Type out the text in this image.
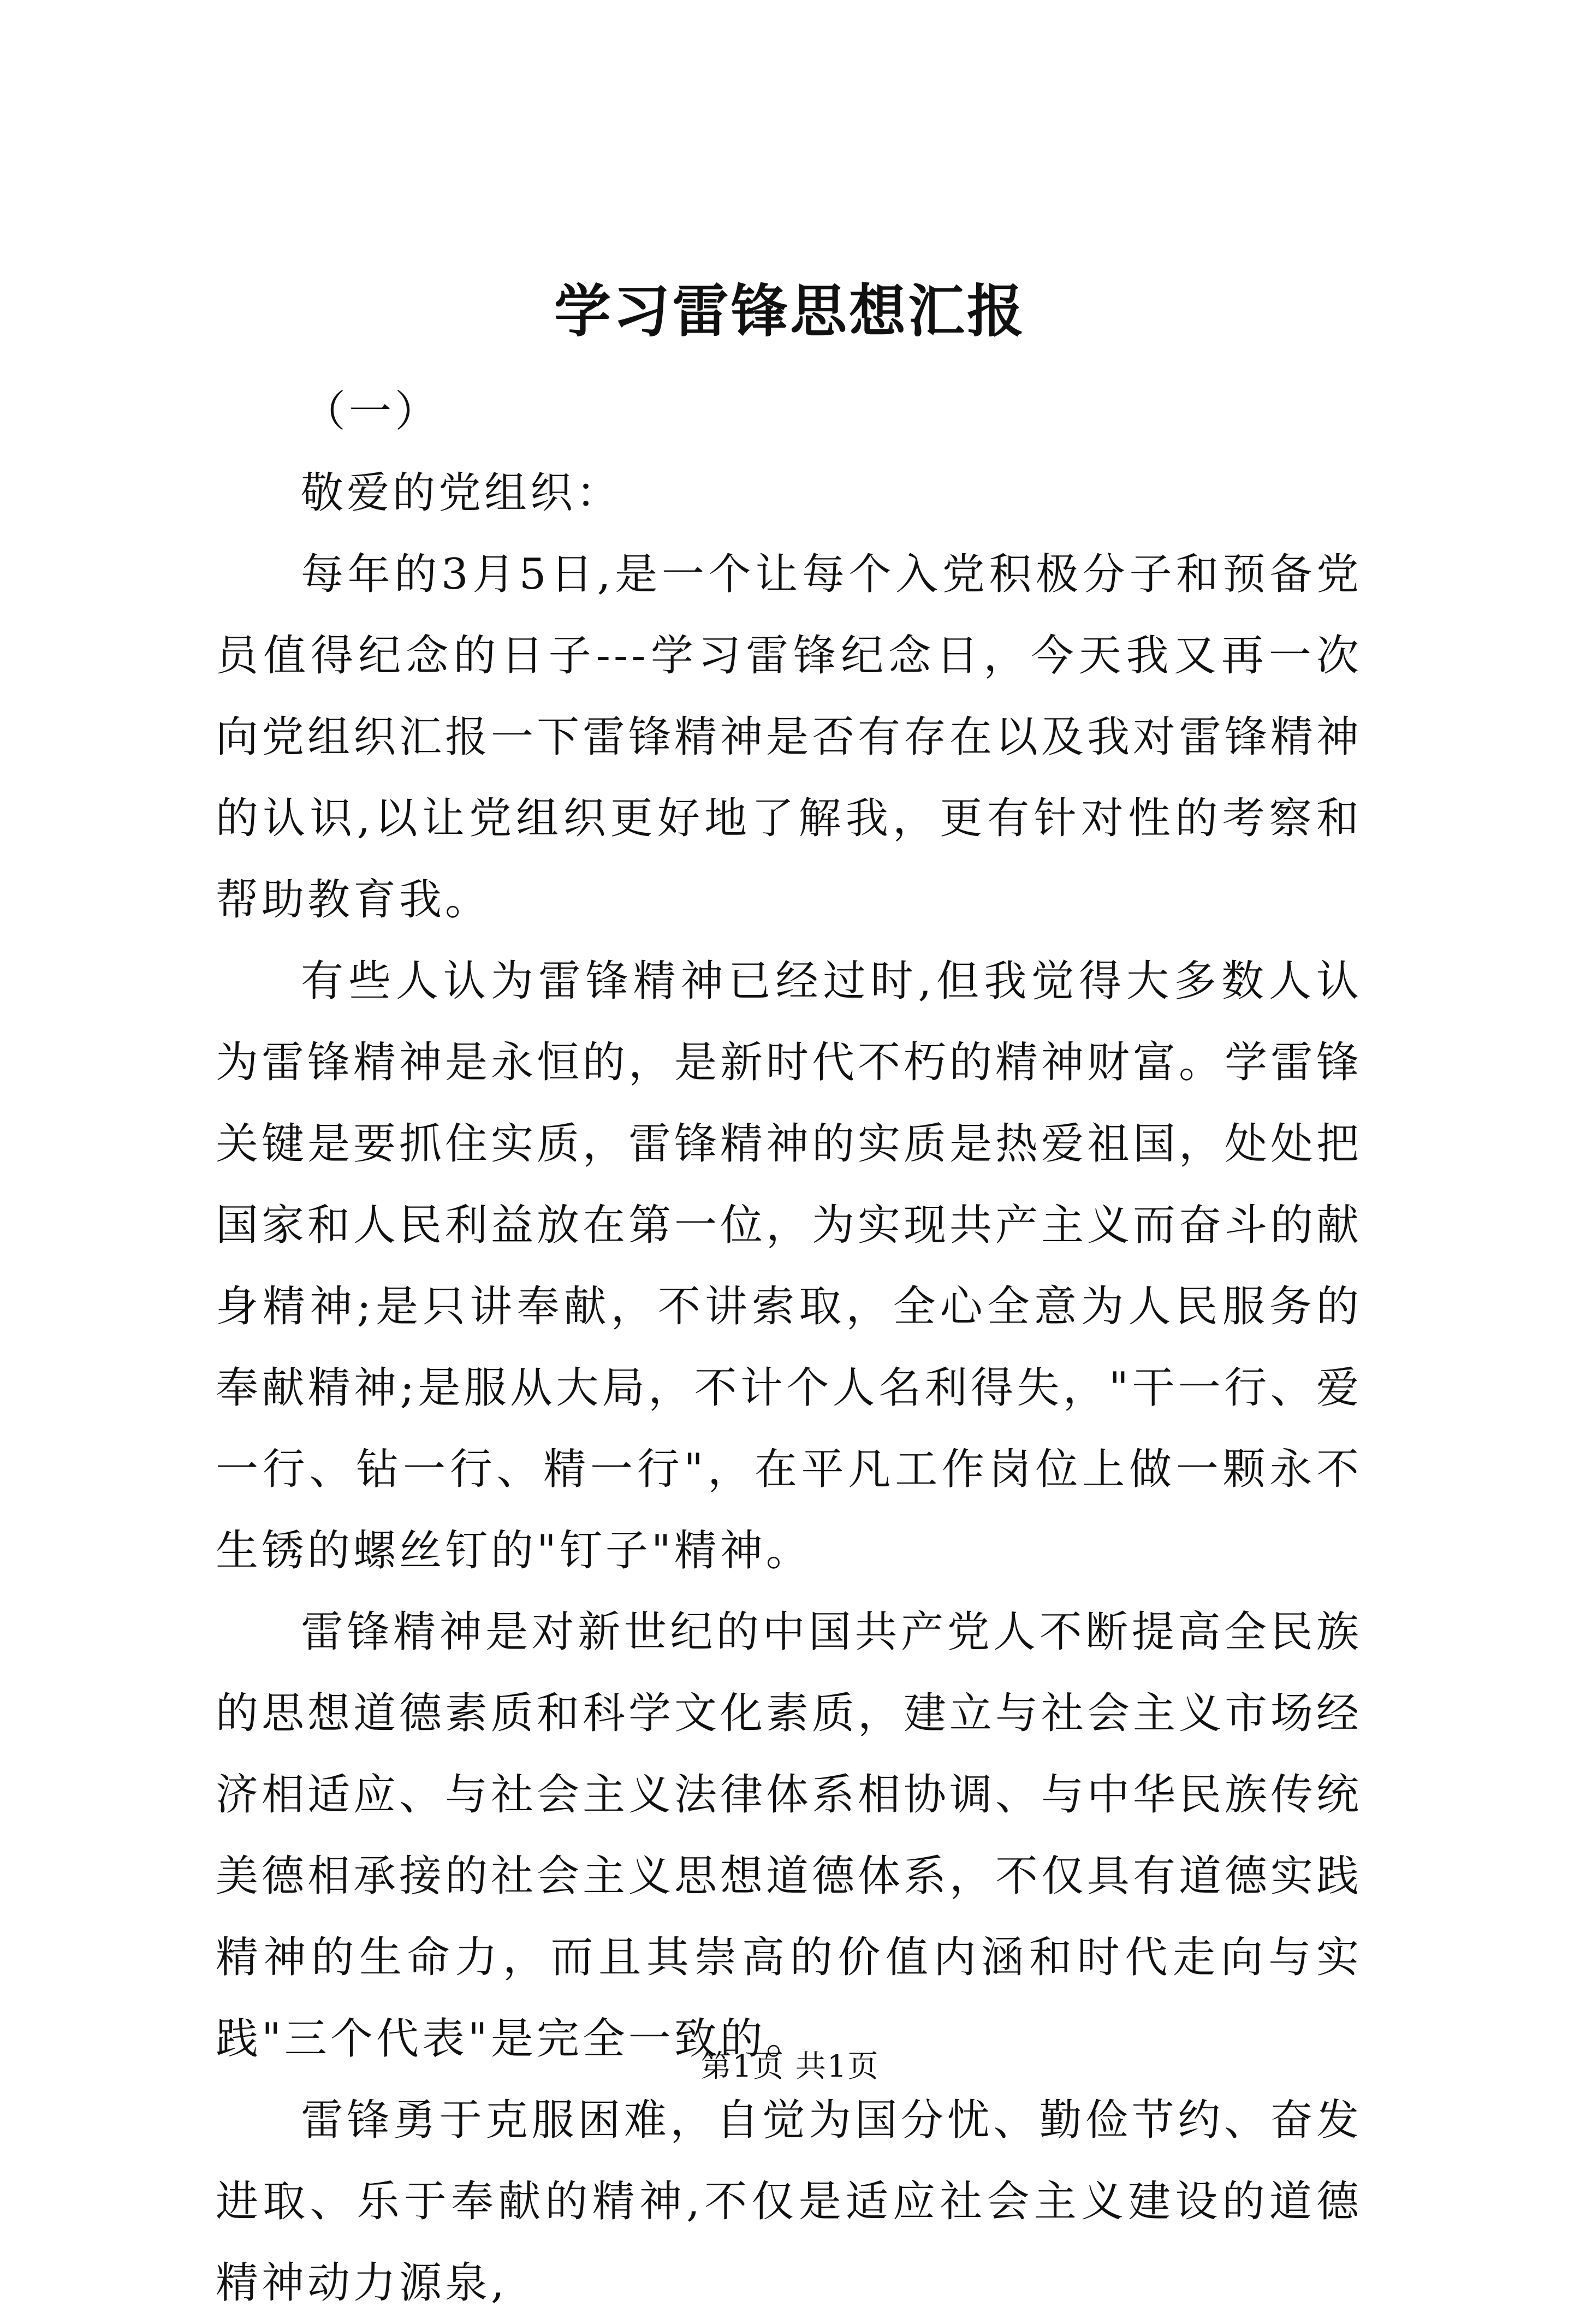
学习雷锋思想汇报

（一）

敬爱的党组织：

每年的3月5日,是一个让每个入党积极分子和预备党员值得纪念的日子---学习雷锋纪念日，今天我又再一次向党组织汇报一下雷锋精神是否有存在以及我对雷锋精神的认识,以让党组织更好地了解我，更有针对性的考察和帮助教育我。

有些人认为雷锋精神已经过时,但我觉得大多数人认为雷锋精神是永恒的，是新时代不朽的精神财富。学雷锋关键是要抓住实质，雷锋精神的实质是热爱祖国，处处把国家和人民利益放在第一位，为实现共产主义而奋斗的献身精神;是只讲奉献，不讲索取，全心全意为人民服务的奉献精神;是服从大局，不计个人名利得失，"干一行、爱一行、钻一行、精一行"，在平凡工作岗位上做一颗永不生锈的螺丝钉的"钉子"精神。

雷锋精神是对新世纪的中国共产党人不断提高全民族的思想道德素质和科学文化素质，建立与社会主义市场经济相适应、与社会主义法律体系相协调、与中华民族传统美德相承接的社会主义思想道德体系，不仅具有道德实践精神的生命力，而且其崇高的价值内涵和时代走向与实践"三个代表"是完全一致的。

雷锋勇于克服困难，自觉为国分忧、勤俭节约、奋发进取、乐于奉献的精神,不仅是适应社会主义建设的道德精神动力源泉,

第1页 共1页
